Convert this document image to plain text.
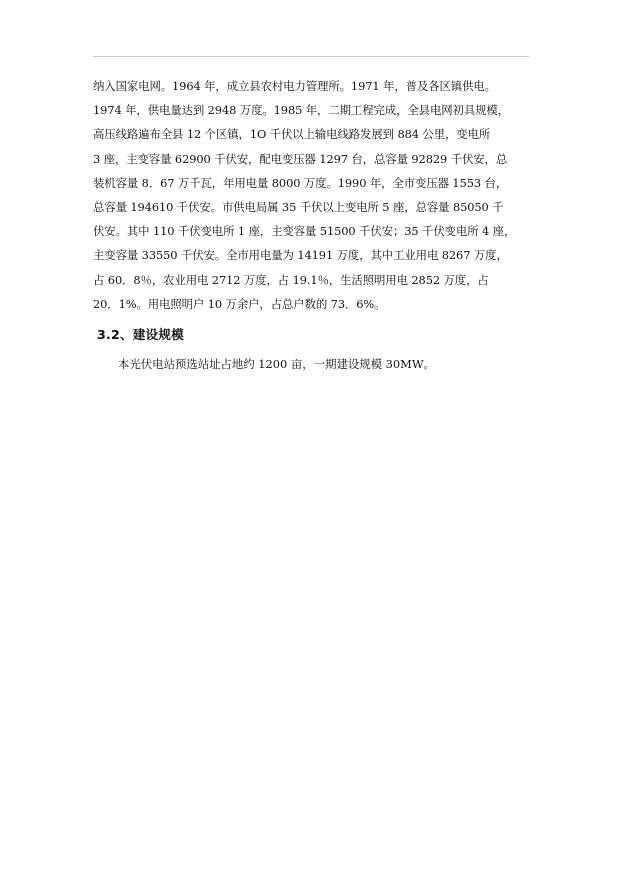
纳入国家电网。1964 年，成立县农村电力管理所。1971 年，普及各区镇供电。
1974 年，供电量达到 2948 万度。1985 年，二期工程完成，全县电网初具规模，
高压线路遍布全县 12 个区镇，1O 千伏以上输电线路发展到 884 公里，变电所
3 座，主变容量 62900 千伏安，配电变压器 1297 台，总容量 92829 千伏安，总
装机容量 8．67 万千瓦，年用电量 8000 万度。1990 年，全市变压器 1553 台，
总容量 194610 千伏安。市供电局属 35 千伏以上变电所 5 座，总容量 85050 千
伏安。其中 110 千伏变电所 1 座，主变容量 51500 千伏安；35 千伏变电所 4 座，
主变容量 33550 千伏安。全市用电量为 14191 万度，其中工业用电 8267 万度，
占 60．8％，农业用电 2712 万度，占 19.1％，生活照明用电 2852 万度，占
20．1%。用电照明户 10 万余户，占总户数的 73．6%。
3.2、建设规模
本光伏电站预选站址占地约 1200 亩，一期建设规模 30MW。
